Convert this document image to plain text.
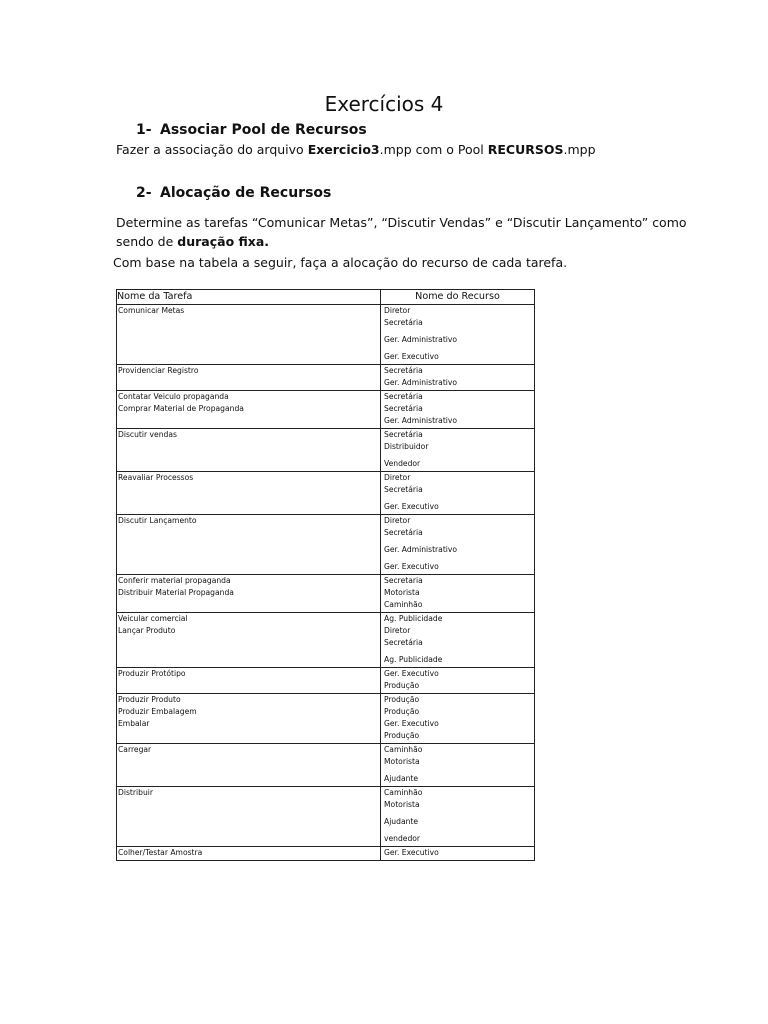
Exercícios 4
1- Associar Pool de Recursos
Fazer a associação do arquivo Exercicio3.mpp com o Pool RECURSOS.mpp
2- Alocação de Recursos
Determine as tarefas “Comunicar Metas”, “Discutir Vendas” e “Discutir Lançamento” como
sendo de duração fixa.
Com base na tabela a seguir, faça a alocação do recurso de cada tarefa.
Nome da Tarefa	Nome do Recurso

Comunicar Metas	Diretor
Secretária
Ger. Administrativo
Ger. Executivo

Providenciar Registro	Secretária
Ger. Administrativo

Contatar Veiculo propaganda
Comprar Material de Propaganda	Secretária
Secretária
Ger. Administrativo

Discutir vendas	Secretária
Distribuidor
Vendedor

Reavaliar Processos	Diretor
Secretária
Ger. Executivo

Discutir Lançamento	Diretor
Secretária
Ger. Administrativo
Ger. Executivo

Conferir material propaganda
Distribuir Material Propaganda	Secretaria
Motorista
Caminhão

Veicular comercial
Lançar Produto	Ag. Publicidade
Diretor
Secretária
Ag. Publicidade

Produzir Protótipo	Ger. Executivo
Produção

Produzir Produto
Produzir Embalagem
Embalar	Produção
Produção
Ger. Executivo
Produção

Carregar	Caminhão
Motorista
Ajudante

Distribuir	Caminhão
Motorista
Ajudante
vendedor

Colher/Testar Amostra	Ger. Executivo
